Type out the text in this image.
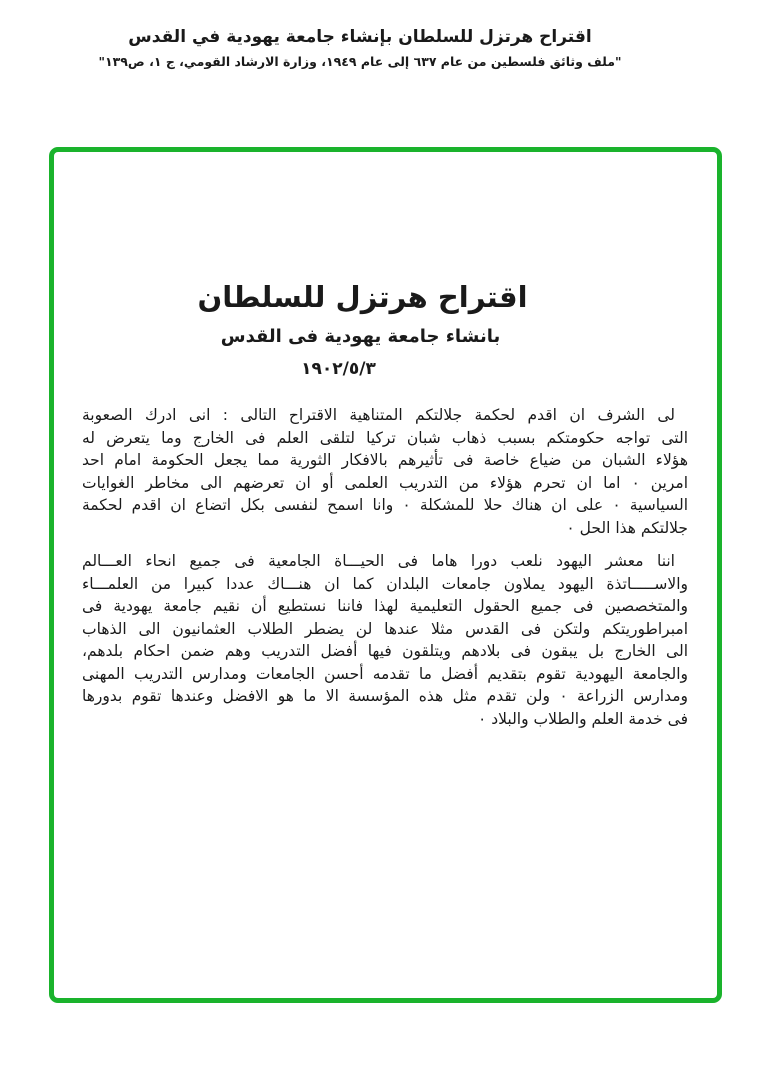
اقتراح هرتزل للسلطان بإنشاء جامعة يهودية في القدس
"ملف وثائق فلسطين من عام ٦٣٧ إلى عام ١٩٤٩، وزارة الارشاد القومي، ج ١، ص١٣٩"
اقتراح هرتزل للسلطان
بانشاء جامعة يهودية فى القدس
١٩٠٢/٥/٣
لى الشرف ان اقدم لحكمة جلالتكم المتناهية الاقتراح التالى : انى ادرك الصعوبة
التى تواجه حكومتكم بسبب ذهاب شبان تركيا لتلقى العلم فى الخارج وما يتعرض له
هؤلاء الشبان من ضياع خاصة فى تأثيرهم بالافكار الثورية مما يجعل الحكومة امام احد
امرين ٠ اما ان تحرم هؤلاء من التدريب العلمى أو ان تعرضهم الى مخاطر الغوايات
السياسية ٠ على ان هناك حلا للمشكلة ٠ وانا اسمح لنفسى بكل اتضاع ان اقدم لحكمة
جلالتكم هذا الحل ٠
اننا معشر اليهود نلعب دورا هاما فى الحيـــاة الجامعية فى جميع انحاء العـــالم
والاســـــاتذة اليهود يملاون جامعات البلدان كما ان هنـــاك عددا كبيرا من العلمـــاء
والمتخصصين فى جميع الحقول التعليمية لهذا فاننا نستطيع أن نقيم جامعة يهودية فى
امبراطوريتكم ولتكن فى القدس مثلا عندها لن يضطر الطلاب العثمانيون الى الذهاب
الى الخارج بل يبقون فى بلادهم ويتلقون فيها أفضل التدريب وهم ضمن احكام بلدهم،
والجامعة اليهودية تقوم بتقديم أفضل ما تقدمه أحسن الجامعات ومدارس التدريب المهنى
ومدارس الزراعة ٠ ولن تقدم مثل هذه المؤسسة الا ما هو الافضل وعندها تقوم بدورها
فى خدمة العلم والطلاب والبلاد ٠
